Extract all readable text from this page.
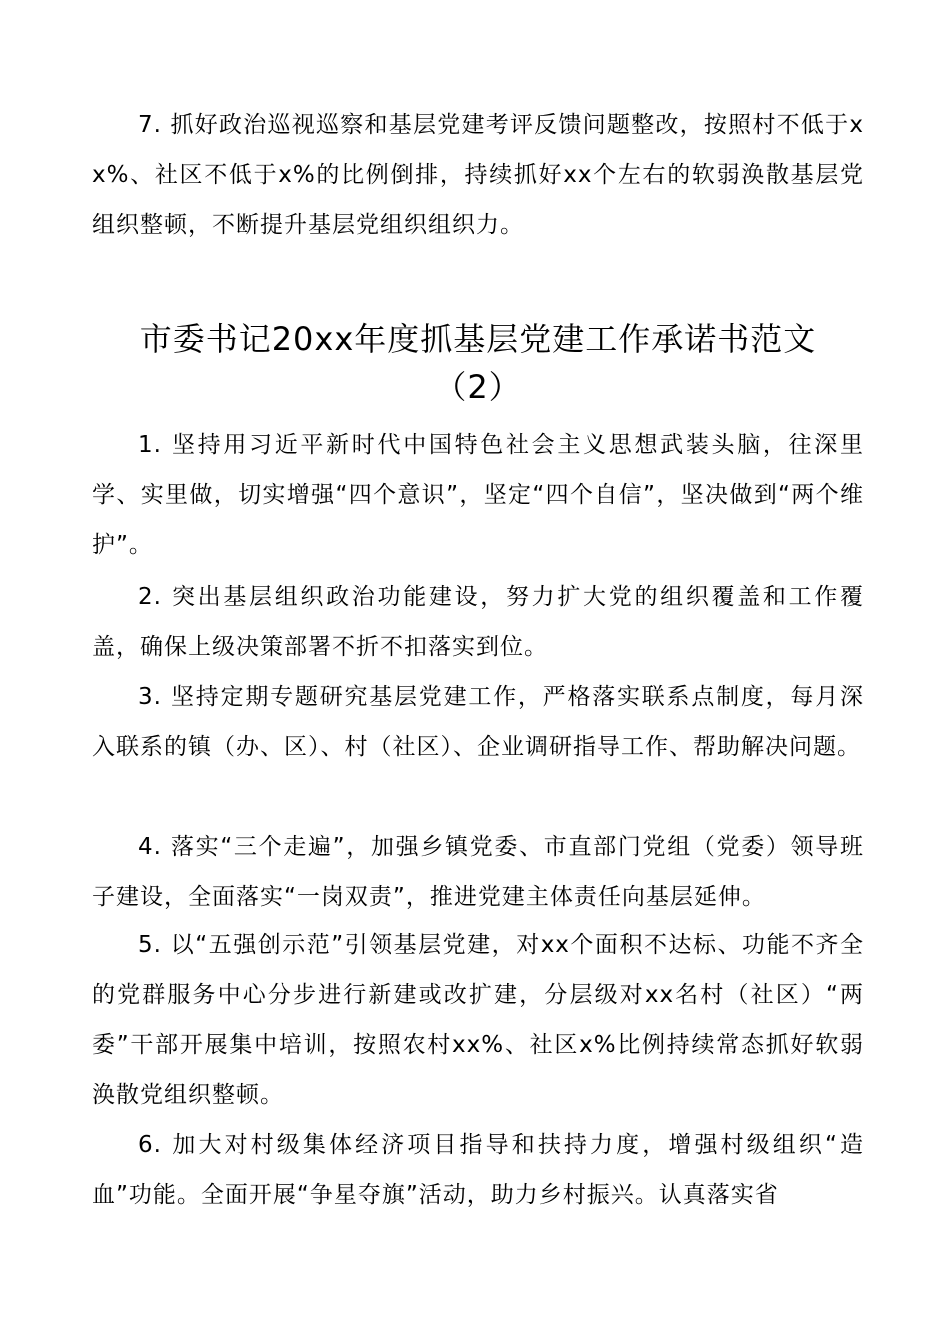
7. 抓好政治巡视巡察和基层党建考评反馈问题整改，按照村不低于xx%、社区不低于x%的比例倒排，持续抓好xx个左右的软弱涣散基层党组织整顿，不断提升基层党组织组织力。

市委书记20xx年度抓基层党建工作承诺书范文
（2）

1. 坚持用习近平新时代中国特色社会主义思想武装头脑，往深里学、实里做，切实增强“四个意识”，坚定“四个自信”，坚决做到“两个维护”。

2. 突出基层组织政治功能建设，努力扩大党的组织覆盖和工作覆盖，确保上级决策部署不折不扣落实到位。

3. 坚持定期专题研究基层党建工作，严格落实联系点制度，每月深入联系的镇（办、区）、村（社区）、企业调研指导工作、帮助解决问题。

4. 落实“三个走遍”，加强乡镇党委、市直部门党组（党委）领导班子建设，全面落实“一岗双责”，推进党建主体责任向基层延伸。

5. 以“五强创示范”引领基层党建，对xx个面积不达标、功能不齐全的党群服务中心分步进行新建或改扩建，分层级对xx名村（社区）“两委”干部开展集中培训，按照农村xx%、社区x%比例持续常态抓好软弱涣散党组织整顿。

6. 加大对村级集体经济项目指导和扶持力度，增强村级组织“造血”功能。全面开展“争星夺旗”活动，助力乡村振兴。认真落实省
